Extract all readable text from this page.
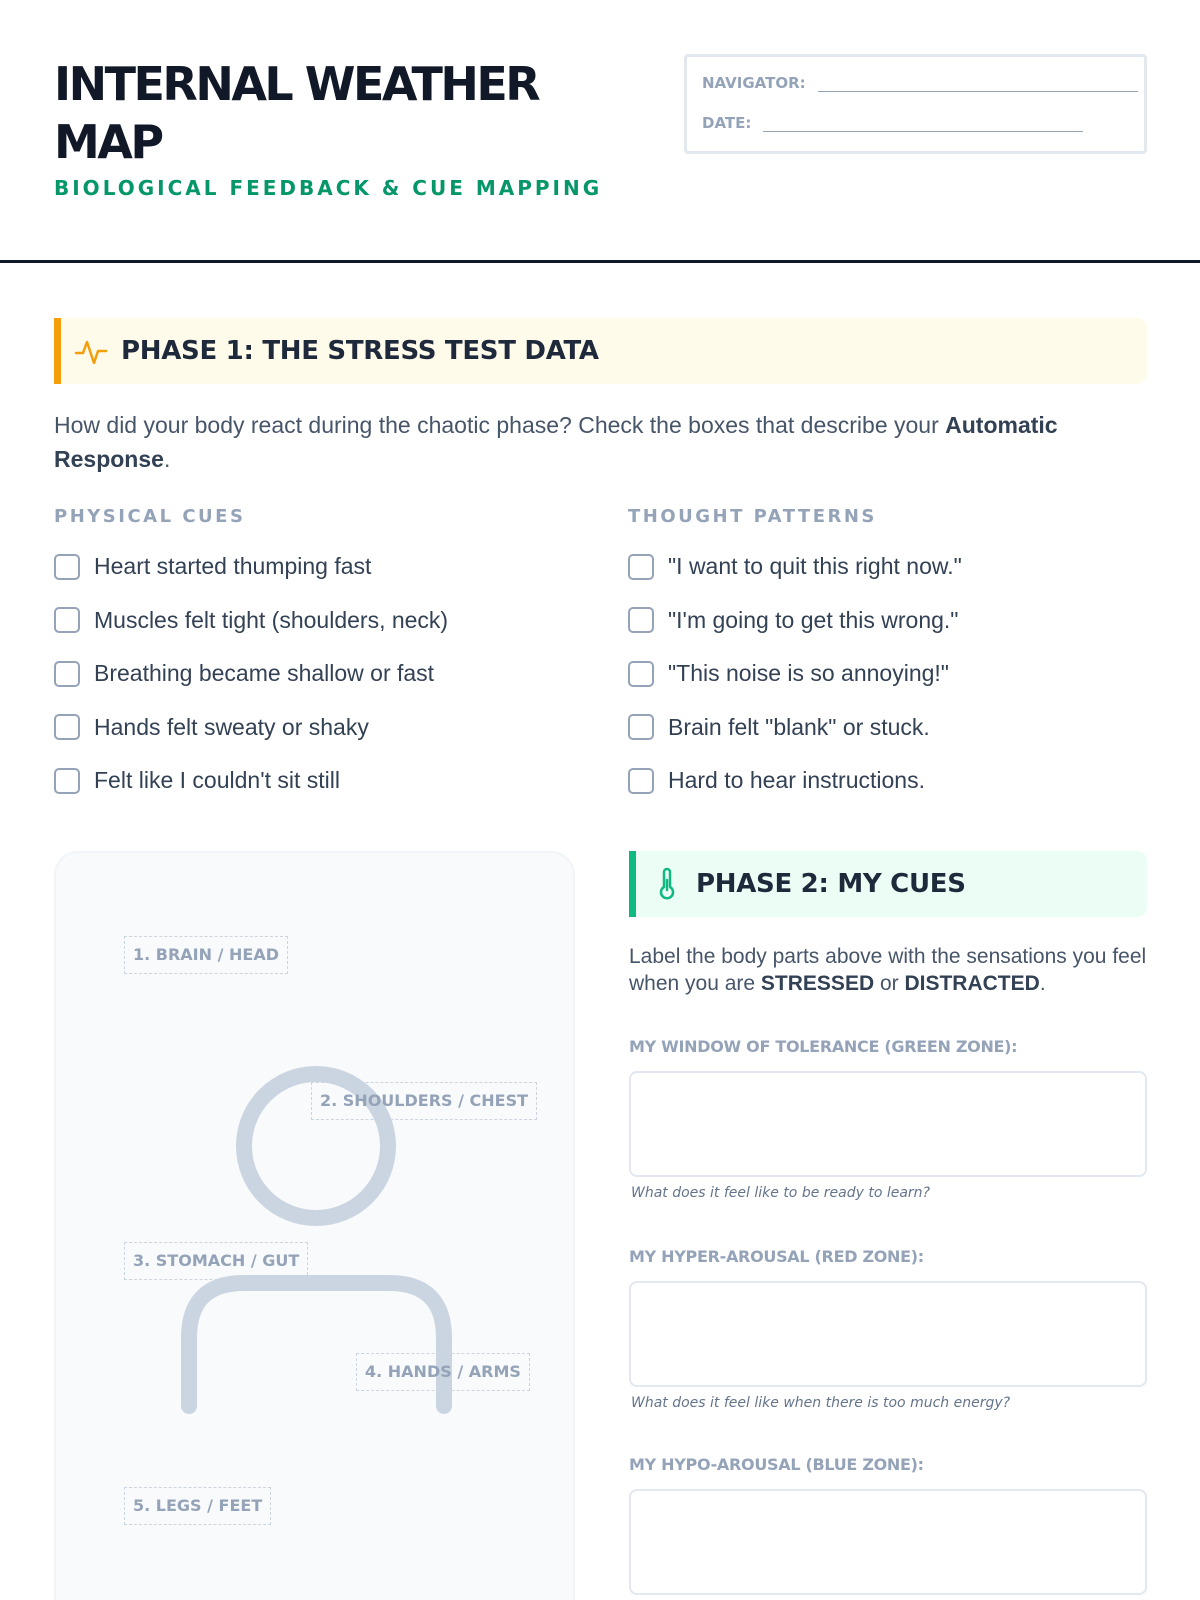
INTERNAL WEATHER MAP
BIOLOGICAL FEEDBACK & CUE MAPPING
NAVIGATOR:
DATE:
PHASE 1: THE STRESS TEST DATA

How did your body react during the chaotic phase? Check the boxes that describe your Automatic Response.

PHYSICAL CUES	THOUGHT PATTERNS
Heart started thumping fast
Muscles felt tight (shoulders, neck)
Breathing became shallow or fast
Hands felt sweaty or shaky
Felt like I couldn't sit still
"I want to quit this right now."
"I'm going to get this wrong."
"This noise is so annoying!"
Brain felt "blank" or stuck.
Hard to hear instructions.
1. BRAIN / HEAD
2. SHOULDERS / CHEST
3. STOMACH / GUT
4. HANDS / ARMS
5. LEGS / FEET
PHASE 2: MY CUES

Label the body parts above with the sensations you feel when you are STRESSED or DISTRACTED.

MY WINDOW OF TOLERANCE (GREEN ZONE):
What does it feel like to be ready to learn?
MY HYPER-AROUSAL (RED ZONE):
What does it feel like when there is too much energy?
MY HYPO-AROUSAL (BLUE ZONE):
